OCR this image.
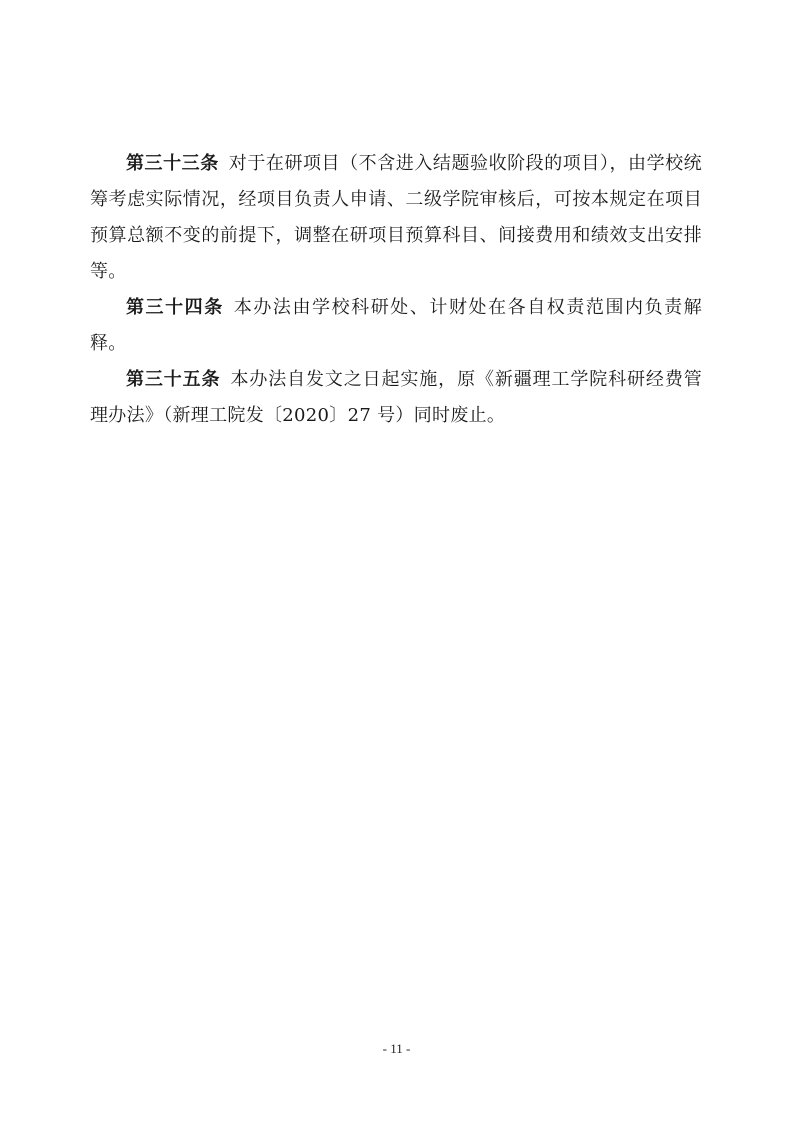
第三十三条 对于在研项目（不含进入结题验收阶段的项目），由学校统筹考虑实际情况，经项目负责人申请、二级学院审核后，可按本规定在项目预算总额不变的前提下，调整在研项目预算科目、间接费用和绩效支出安排等。

第三十四条 本办法由学校科研处、计财处在各自权责范围内负责解释。

第三十五条 本办法自发文之日起实施，原《新疆理工学院科研经费管理办法》（新理工院发〔2020〕27 号）同时废止。

- 11 -
